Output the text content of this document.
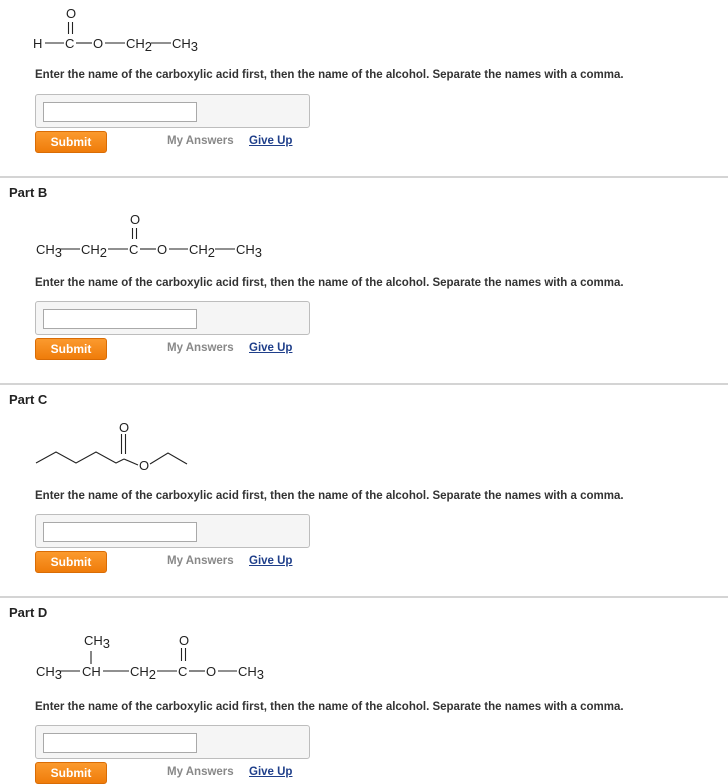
O
H C O CH2 CH3
Enter the name of the carboxylic acid first, then the name of the alcohol. Separate the names with a comma.
Submit	My Answers Give Up
Part B
O
CH3 CH2 C O CH2 CH3
Enter the name of the carboxylic acid first, then the name of the alcohol. Separate the names with a comma.
Submit	My Answers Give Up
Part C
O
O
Enter the name of the carboxylic acid first, then the name of the alcohol. Separate the names with a comma.
Submit	My Answers Give Up
Part D
CH3	O
CH3 CH CH2 C O CH3
Enter the name of the carboxylic acid first, then the name of the alcohol. Separate the names with a comma.
Submit	My Answers Give Up
